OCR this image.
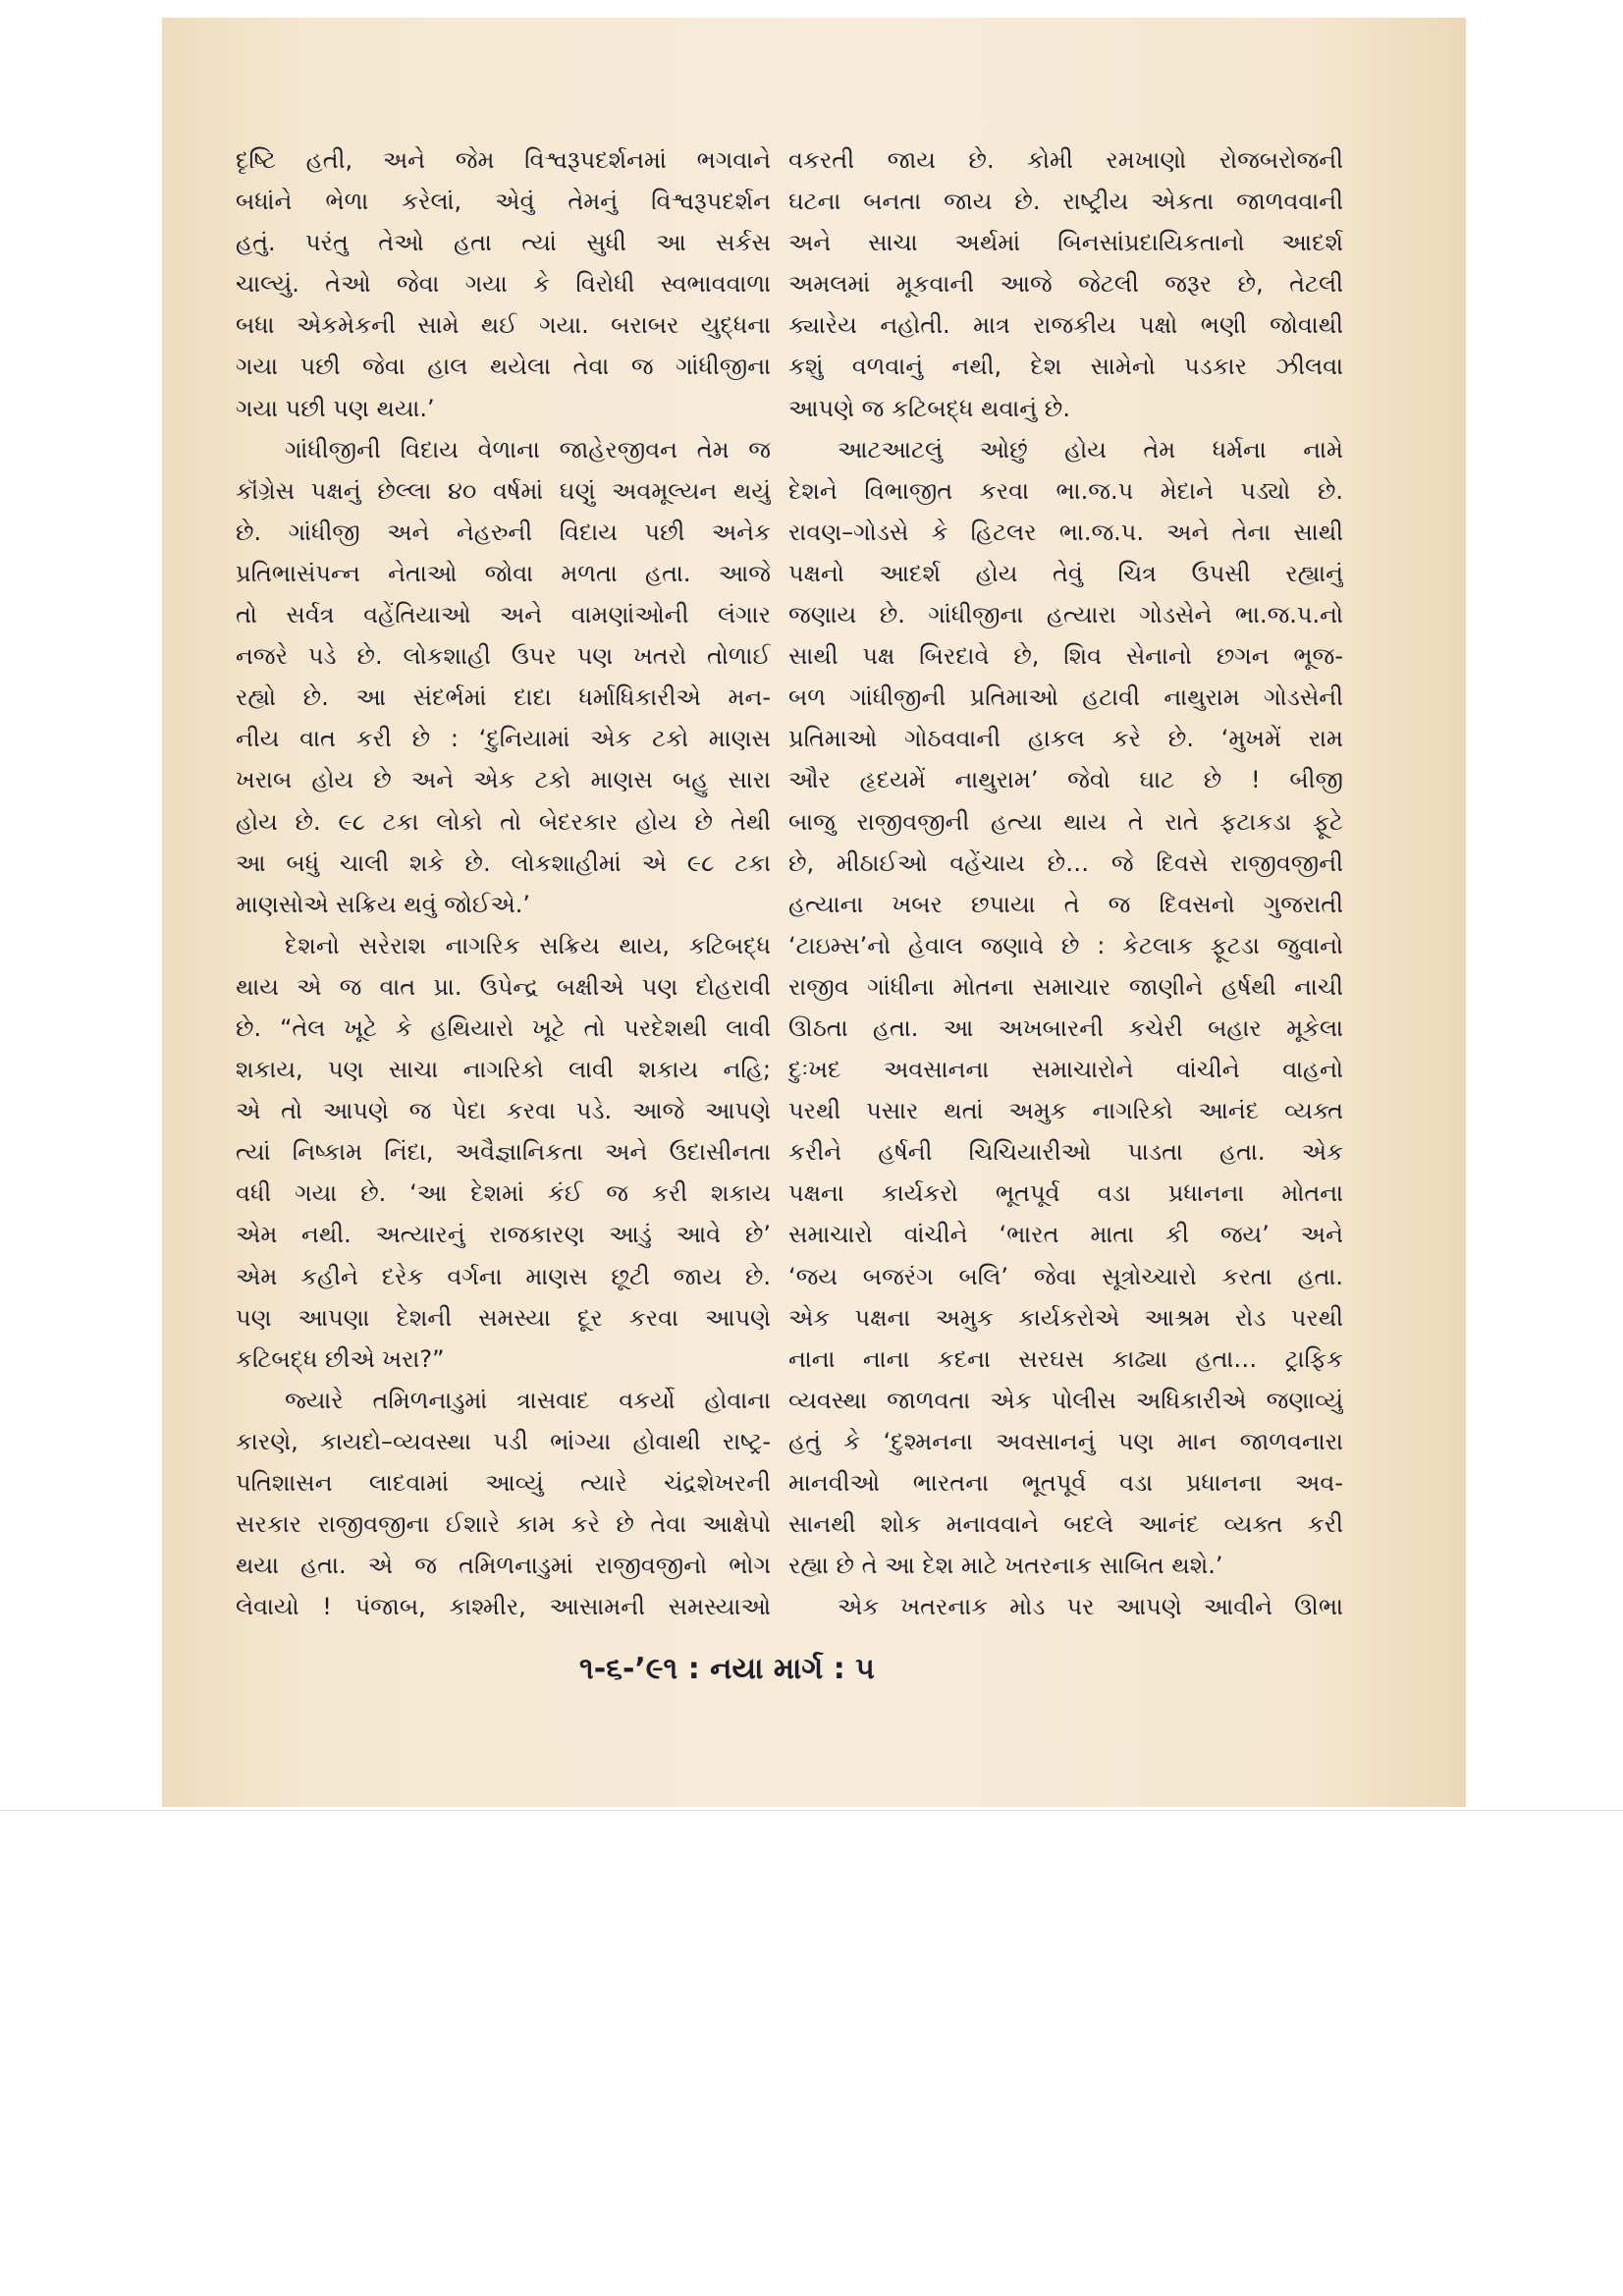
દૃષ્ટિ હતી, અને જેમ વિશ્વરૂપદર્શનમાં ભગવાને
બધાંને ભેળા કરેલાં, એવું તેમનું વિશ્વરૂપદર્શન
હતું. પરંતુ તેઓ હતા ત્યાં સુધી આ સર્કસ
ચાલ્યું. તેઓ જેવા ગયા કે વિરોધી સ્વભાવવાળા
બધા એકમેકની સામે થઈ ગયા. બરાબર યુદ્ધના
ગયા પછી જેવા હાલ થયેલા તેવા જ ગાંધીજીના
ગયા પછી પણ થયા.’
ગાંધીજીની વિદાય વેળાના જાહેરજીવન તેમ જ
કૉંગ્રેસ પક્ષનું છેલ્લા ૪૦ વર્ષમાં ઘણું અવમૂલ્યન થયું
છે. ગાંધીજી અને નેહરુની વિદાય પછી અનેક
પ્રતિભાસંપન્ન નેતાઓ જોવા મળતા હતા. આજે
તો સર્વત્ર વહેંતિયાઓ અને વામણાંઓની લંગાર
નજરે પડે છે. લોકશાહી ઉપર પણ ખતરો તોળાઈ
રહ્યો છે. આ સંદર્ભમાં દાદા ધર્માધિકારીએ મન-
નીય વાત કરી છે : ‘દુનિયામાં એક ટકો માણસ
ખરાબ હોય છે અને એક ટકો માણસ બહુ સારા
હોય છે. ૯૮ ટકા લોકો તો બેદરકાર હોય છે તેથી
આ બધું ચાલી શકે છે. લોકશાહીમાં એ ૯૮ ટકા
માણસોએ સક્રિય થવું જોઈએ.’
દેશનો સરેરાશ નાગરિક સક્રિય થાય, કટિબદ્ધ
થાય એ જ વાત પ્રા. ઉપેન્દ્ર બક્ષીએ પણ દોહરાવી
છે. “તેલ ખૂટે કે હથિયારો ખૂટે તો પરદેશથી લાવી
શકાય, પણ સાચા નાગરિકો લાવી શકાય નહિ;
એ તો આપણે જ પેદા કરવા પડે. આજે આપણે
ત્યાં નિષ્કામ નિંદા, અવૈજ્ઞાનિકતા અને ઉદાસીનતા
વધી ગયા છે. ‘આ દેશમાં કંઈ જ કરી શકાય
એમ નથી. અત્યારનું રાજકારણ આડું આવે છે’
એમ કહીને દરેક વર્ગના માણસ છૂટી જાય છે.
પણ આપણા દેશની સમસ્યા દૂર કરવા આપણે
કટિબદ્ધ છીએ ખરા?”
જ્યારે તમિળનાડુમાં ત્રાસવાદ વકર્યો હોવાના
કારણે, કાયદો–વ્યવસ્થા પડી ભાંગ્યા હોવાથી રાષ્ટ્ર-
પતિશાસન લાદવામાં આવ્યું ત્યારે ચંદ્રશેખરની
સરકાર રાજીવજીના ઈશારે કામ કરે છે તેવા આક્ષેપો
થયા હતા. એ જ તમિળનાડુમાં રાજીવજીનો ભોગ
લેવાયો ! પંજાબ, કાશ્મીર, આસામની સમસ્યાઓ
વકરતી જાય છે. કોમી રમખાણો રોજબરોજની
ઘટના બનતા જાય છે. રાષ્ટ્રીય એકતા જાળવવાની
અને સાચા અર્થમાં બિનસાંપ્રદાયિકતાનો આદર્શ
અમલમાં મૂકવાની આજે જેટલી જરૂર છે, તેટલી
ક્યારેય નહોતી. માત્ર રાજકીય પક્ષો ભણી જોવાથી
કશું વળવાનું નથી, દેશ સામેનો પડકાર ઝીલવા
આપણે જ કટિબદ્ધ થવાનું છે.
આટઆટલું ઓછું હોય તેમ ધર્મના નામે
દેશને વિભાજીત કરવા ભા.જ.પ મેદાને પડ્યો છે.
રાવણ–ગોડસે કે હિટલર ભા.જ.પ. અને તેના સાથી
પક્ષનો આદર્શ હોય તેવું ચિત્ર ઉપસી રહ્યાનું
જણાય છે. ગાંધીજીના હત્યારા ગોડસેને ભા.જ.પ.નો
સાથી પક્ષ બિરદાવે છે, શિવ સેનાનો છગન ભૂજ-
બળ ગાંધીજીની પ્રતિમાઓ હટાવી નાથુરામ ગોડસેની
પ્રતિમાઓ ગોઠવવાની હાકલ કરે છે. ‘મુખમેં રામ
ઔર હૃદયમેં નાથુરામ’ જેવો ઘાટ છે ! બીજી
બાજુ રાજીવજીની હત્યા થાય તે રાતે ફટાકડા ફૂટે
છે, મીઠાઈઓ વહેંચાય છે… જે દિવસે રાજીવજીની
હત્યાના ખબર છપાયા તે જ દિવસનો ગુજરાતી
‘ટાઇમ્સ’નો હેવાલ જણાવે છે : કેટલાક ફૂટડા જુવાનો
રાજીવ ગાંધીના મોતના સમાચાર જાણીને હર્ષથી નાચી
ઊઠતા હતા. આ અખબારની કચેરી બહાર મૂકેલા
દુઃખદ અવસાનના સમાચારોને વાંચીને વાહનો
પરથી પસાર થતાં અમુક નાગરિકો આનંદ વ્યક્ત
કરીને હર્ષની ચિચિયારીઓ પાડતા હતા. એક
પક્ષના કાર્યકરો ભૂતપૂર્વ વડા પ્રધાનના મોતના
સમાચારો વાંચીને ‘ભારત માતા કી જય’ અને
‘જય બજરંગ બલિ’ જેવા સૂત્રોચ્ચારો કરતા હતા.
એક પક્ષના અમુક કાર્યકરોએ આશ્રમ રોડ પરથી
નાના નાના કદના સરઘસ કાઢ્યા હતા… ટ્રાફિક
વ્યવસ્થા જાળવતા એક પોલીસ અધિકારીએ જણાવ્યું
હતું કે ‘દુશ્મનના અવસાનનું પણ માન જાળવનારા
માનવીઓ ભારતના ભૂતપૂર્વ વડા પ્રધાનના અવ-
સાનથી શોક મનાવવાને બદલે આનંદ વ્યક્ત કરી
રહ્યા છે તે આ દેશ માટે ખતરનાક સાબિત થશે.’
એક ખતરનાક મોડ પર આપણે આવીને ઊભા
૧-૬-’૯૧ : નયા માર્ગ : ૫
